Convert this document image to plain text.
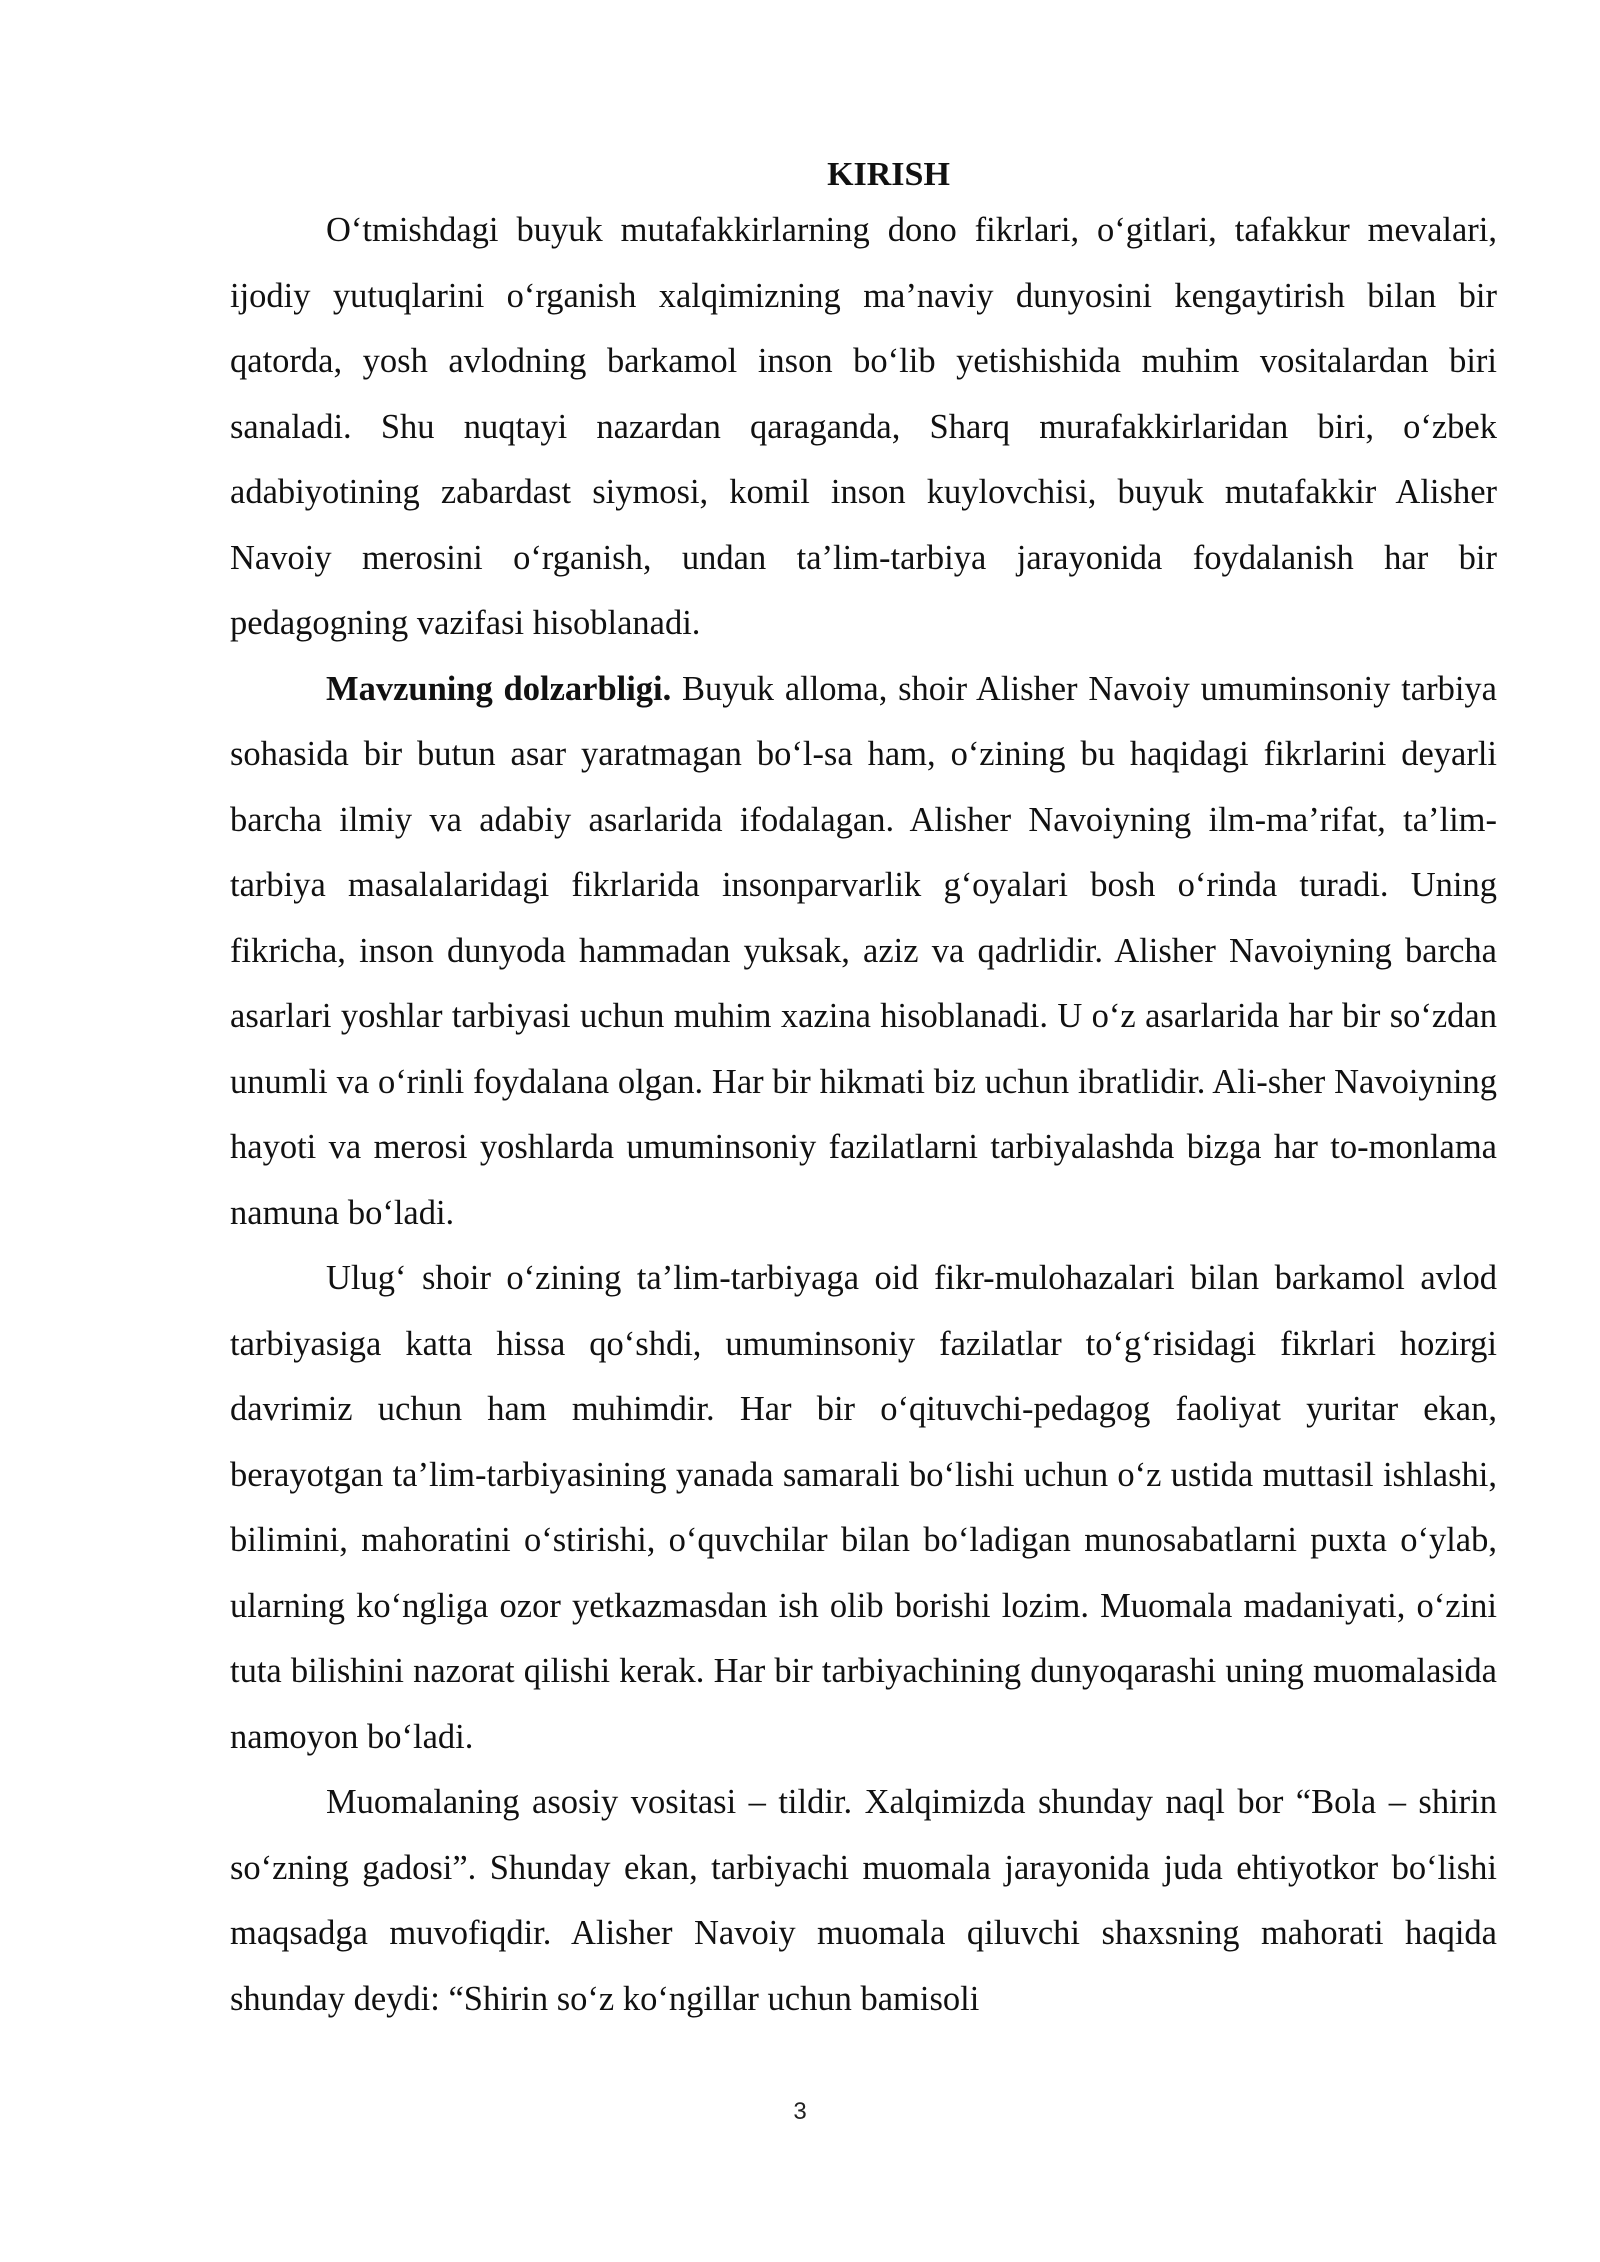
KIRISH

O‘tmishdagi buyuk mutafakkirlarning dono fikrlari, o‘gitlari, tafakkur mevalari, ijodiy yutuqlarini o‘rganish xalqimizning ma’naviy dunyosini kengaytirish bilan bir qatorda, yosh avlodning barkamol inson bo‘lib yetishishida muhim vositalardan biri sanaladi. Shu nuqtayi nazardan qaraganda, Sharq murafakkirlaridan biri, o‘zbek adabiyotining zabardast siymosi, komil inson kuylovchisi, buyuk mutafakkir Alisher Navoiy merosini o‘rganish, undan ta’lim-tarbiya jarayonida foydalanish har bir pedagogning vazifasi hisoblanadi.

Mavzuning dolzarbligi. Buyuk alloma, shoir Alisher Navoiy umuminsoniy tarbiya sohasida bir butun asar yaratmagan bo‘l-sa ham, o‘zining bu haqidagi fikrlarini deyarli barcha ilmiy va adabiy asarlarida ifodalagan. Alisher Navoiyning ilm-ma’rifat, ta’lim-tarbiya masalalaridagi fikrlarida insonparvarlik g‘oyalari bosh o‘rinda turadi. Uning fikricha, inson dunyoda hammadan yuksak, aziz va qadrlidir. Alisher Navoiyning barcha asarlari yoshlar tarbiyasi uchun muhim xazina hisoblanadi. U o‘z asarlarida har bir so‘zdan unumli va o‘rinli foydalana olgan. Har bir hikmati biz uchun ibratlidir. Ali-sher Navoiyning hayoti va merosi yoshlarda umuminsoniy fazilatlarni tarbiyalashda bizga har to-monlama namuna bo‘ladi.

Ulug‘ shoir o‘zining ta’lim-tarbiyaga oid fikr-mulohazalari bilan barkamol avlod tarbiyasiga katta hissa qo‘shdi, umuminsoniy fazilatlar to‘g‘risidagi fikrlari hozirgi davrimiz uchun ham muhimdir. Har bir o‘qituvchi-pedagog faoliyat yuritar ekan, berayotgan ta’lim-tarbiyasining yanada samarali bo‘lishi uchun o‘z ustida muttasil ishlashi, bilimini, mahoratini o‘stirishi, o‘quvchilar bilan bo‘ladigan munosabatlarni puxta o‘ylab, ularning ko‘ngliga ozor yetkazmasdan ish olib borishi lozim. Muomala madaniyati, o‘zini tuta bilishini nazorat qilishi kerak. Har bir tarbiyachining dunyoqarashi uning muomalasida namoyon bo‘ladi.

Muomalaning asosiy vositasi – tildir. Xalqimizda shunday naql bor “Bola – shirin so‘zning gadosi”. Shunday ekan, tarbiyachi muomala jarayonida juda ehtiyotkor bo‘lishi maqsadga muvofiqdir. Alisher Navoiy muomala qiluvchi shaxsning mahorati haqida shunday deydi: “Shirin so‘z ko‘ngillar uchun bamisoli

3
